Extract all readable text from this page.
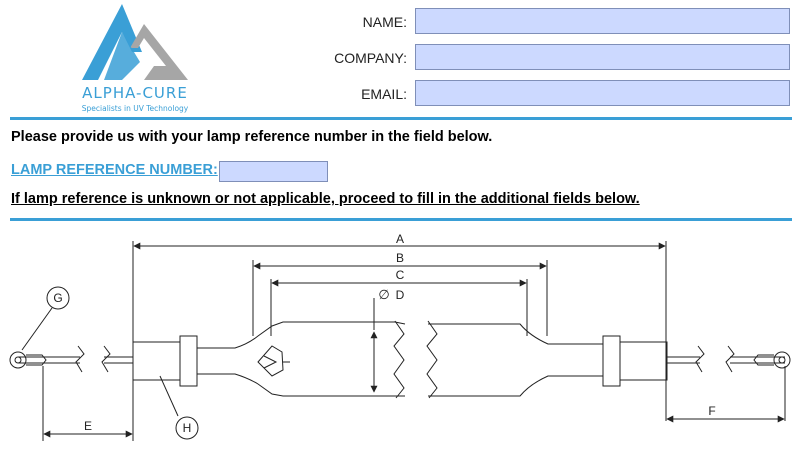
ALPHA-CURE
Specialists in UV Technology
NAME:
COMPANY:
EMAIL:
Please provide us with your lamp reference number in the field below.
LAMP REFERENCE NUMBER:
If lamp reference is unknown or not applicable, proceed to fill in the additional fields below.
A
B
C
∅ D
E
F
G
H
